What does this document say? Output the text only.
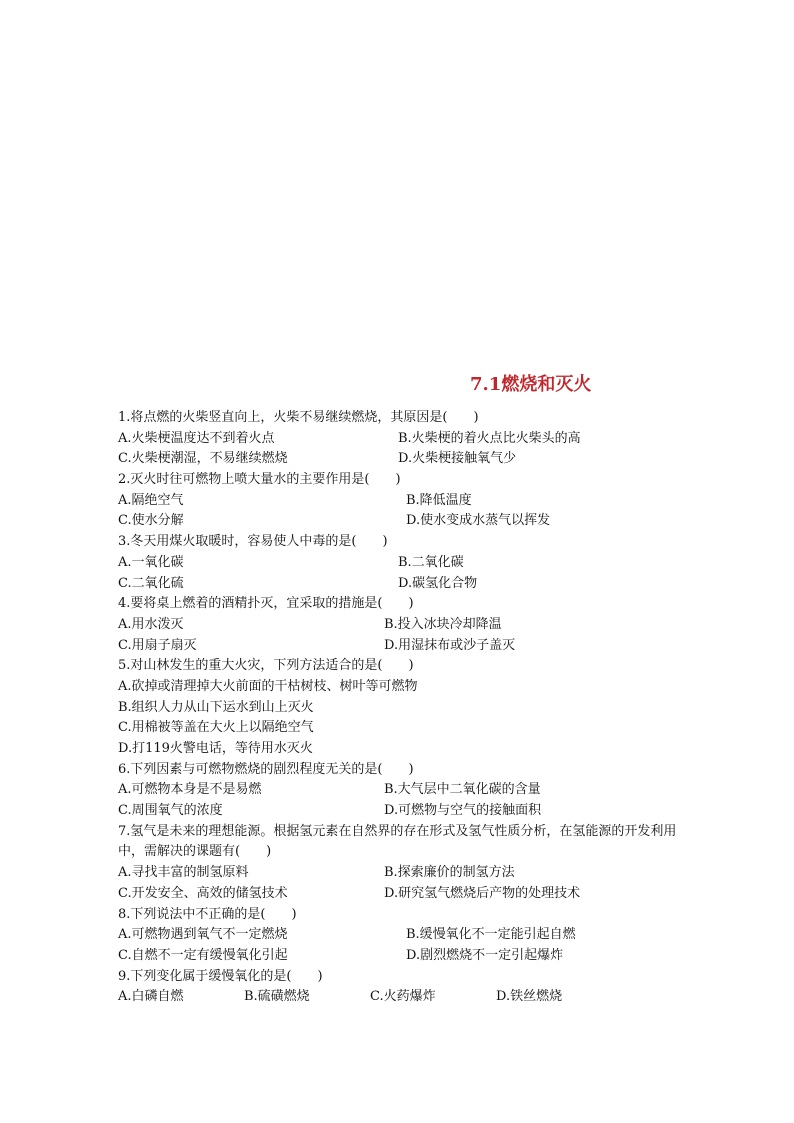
7.1燃烧和灭火
1.将点燃的火柴竖直向上，火柴不易继续燃烧，其原因是(　　)
A.火柴梗温度达不到着火点	B.火柴梗的着火点比火柴头的高
C.火柴梗潮湿，不易继续燃烧	D.火柴梗接触氧气少
2.灭火时往可燃物上喷大量水的主要作用是(　　)
A.隔绝空气	B.降低温度
C.使水分解	D.使水变成水蒸气以挥发
3.冬天用煤火取暖时，容易使人中毒的是(　　)
A.一氧化碳	B.二氧化碳
C.二氧化硫	D.碳氢化合物
4.要将桌上燃着的酒精扑灭，宜采取的措施是(　　)
A.用水泼灭	B.投入冰块冷却降温
C.用扇子扇灭	D.用湿抹布或沙子盖灭
5.对山林发生的重大火灾，下列方法适合的是(　　)
A.砍掉或清理掉大火前面的干枯树枝、树叶等可燃物
B.组织人力从山下运水到山上灭火
C.用棉被等盖在大火上以隔绝空气
D.打119火警电话，等待用水灭火
6.下列因素与可燃物燃烧的剧烈程度无关的是(　　)
A.可燃物本身是不是易燃	B.大气层中二氧化碳的含量
C.周围氧气的浓度	D.可燃物与空气的接触面积
7.氢气是未来的理想能源。根据氢元素在自然界的存在形式及氢气性质分析，在氢能源的开发利用中，需解决的课题有(　　)
A.寻找丰富的制氢原料	B.探索廉价的制氢方法
C.开发安全、高效的储氢技术	D.研究氢气燃烧后产物的处理技术
8.下列说法中不正确的是(　　)
A.可燃物遇到氧气不一定燃烧	B.缓慢氧化不一定能引起自燃
C.自燃不一定有缓慢氧化引起	D.剧烈燃烧不一定引起爆炸
9.下列变化属于缓慢氧化的是(　　)
A.白磷自燃	B.硫磺燃烧	C.火药爆炸	D.铁丝燃烧
